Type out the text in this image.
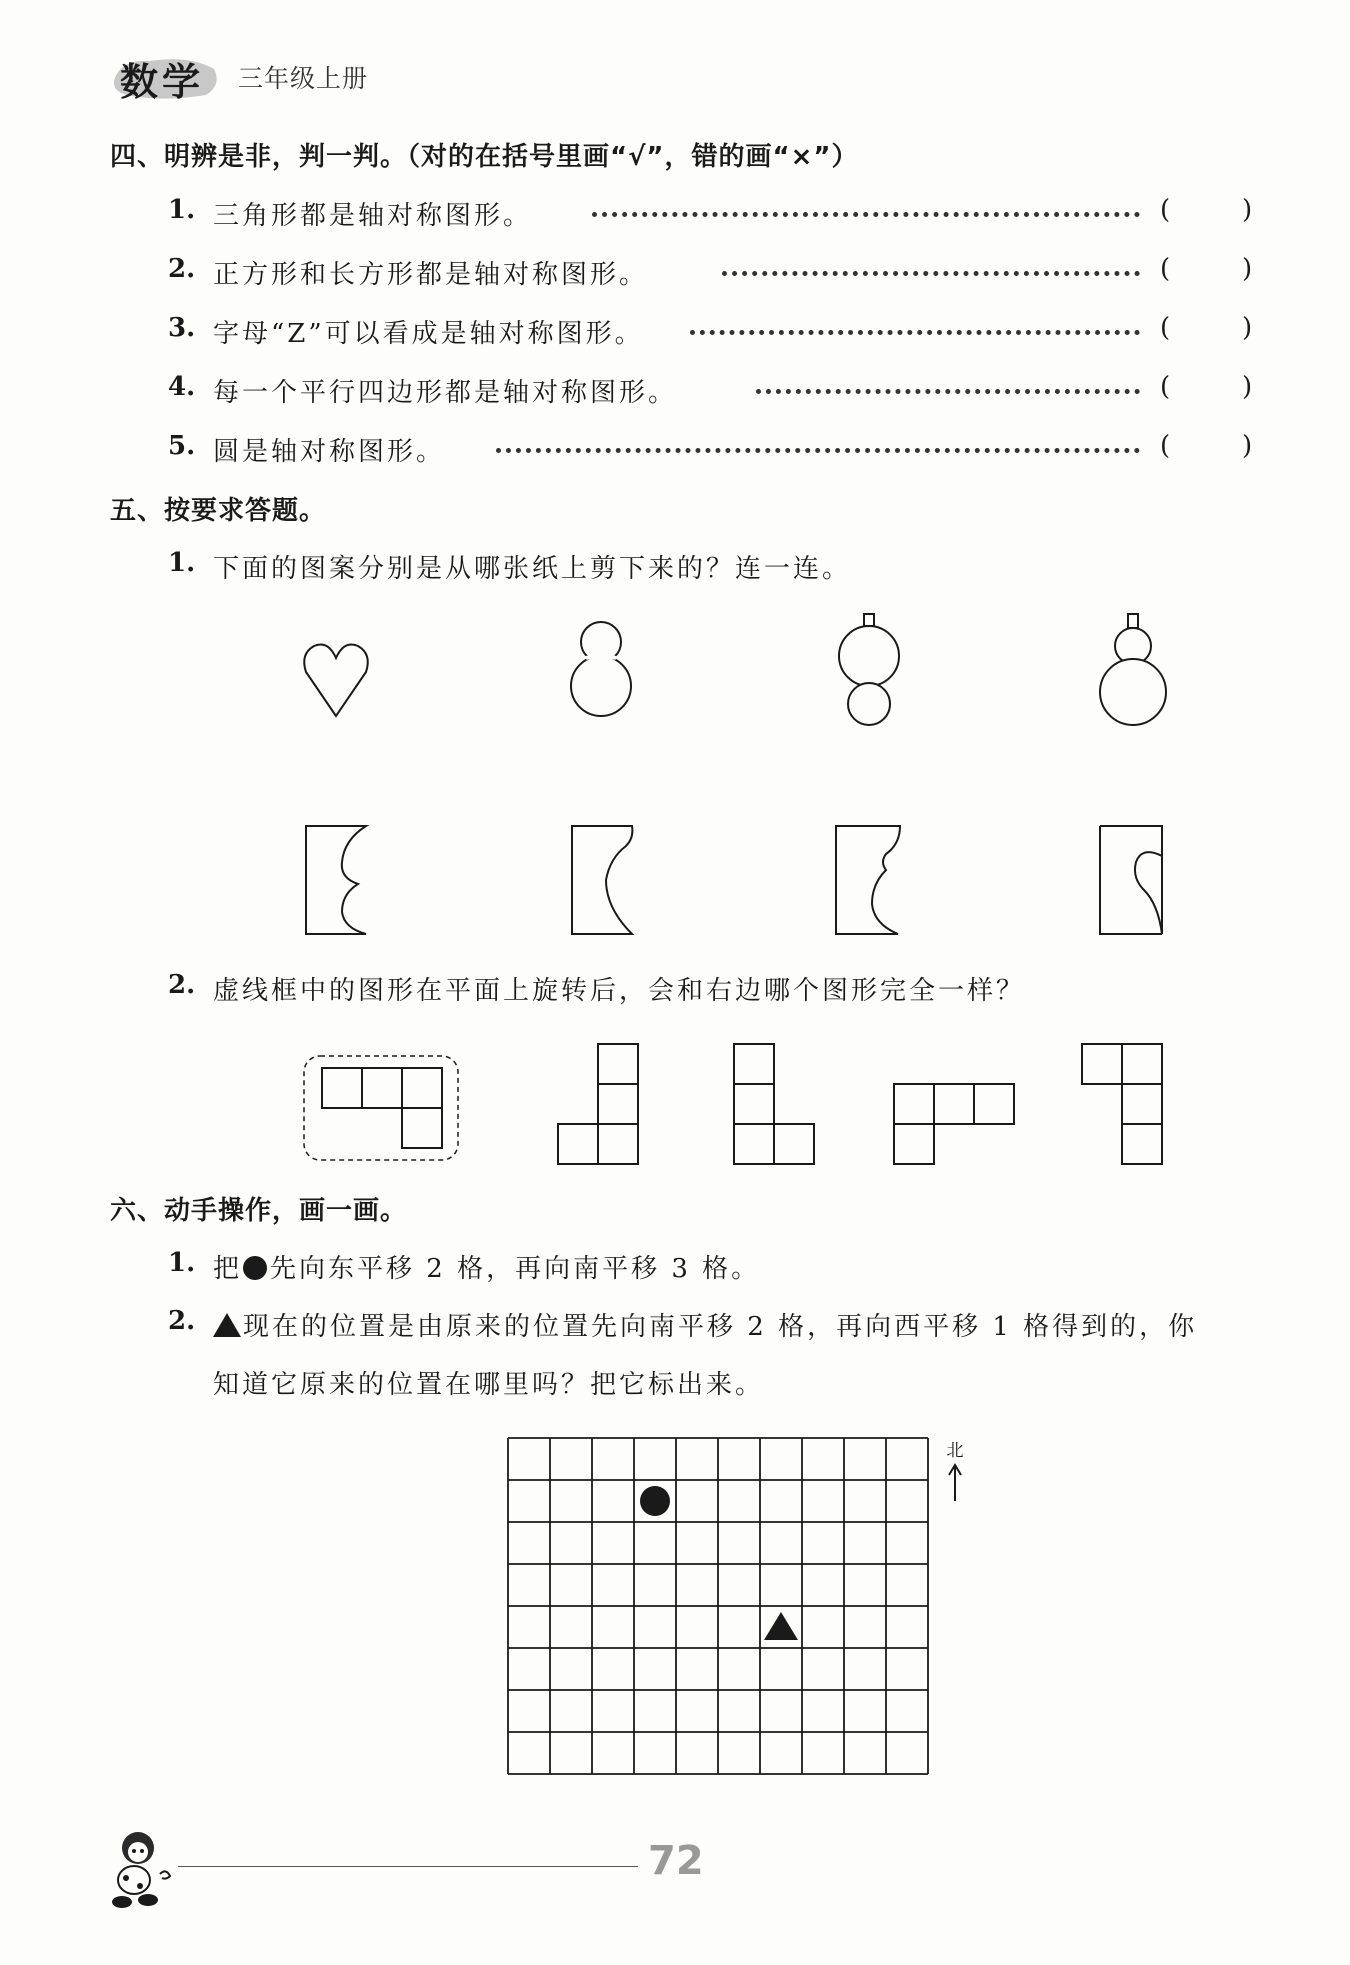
数学 三年级上册
四、明辨是非，判一判。（对的在括号里画“√”，错的画“×”）
1. 三角形都是轴对称图形。	(	)
2. 正方形和长方形都是轴对称图形。	(	)
3. 字母“Z”可以看成是轴对称图形。	(	)
4. 每一个平行四边形都是轴对称图形。	(	)
5. 圆是轴对称图形。	(	)
五、按要求答题。
1. 下面的图案分别是从哪张纸上剪下来的？连一连。
2. 虚线框中的图形在平面上旋转后，会和右边哪个图形完全一样？
六、动手操作，画一画。
1. 把 先向东平移 2 格，再向南平移 3 格。
2.	现在的位置是由原来的位置先向南平移 2 格，再向西平移 1 格得到的，你
知道它原来的位置在哪里吗？把它标出来。
北
72
